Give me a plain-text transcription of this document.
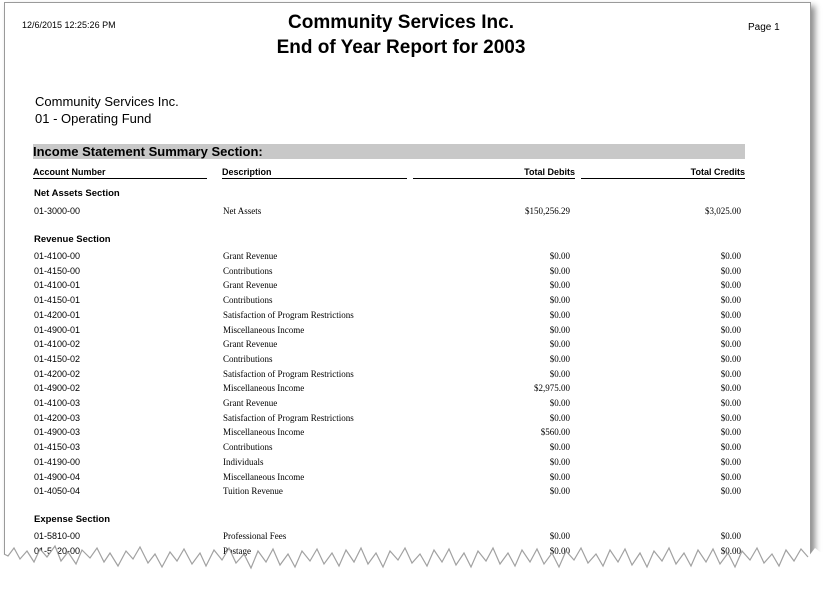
12/6/2015 12:25:26 PM	Community Services Inc.
End of Year Report for 2003
Page 1
Community Services Inc.
01 - Operating Fund
Income Statement Summary Section:
Account Number	Description	Total Debits	Total Credits
Net Assets Section
01-3000-00	Net Assets	$150,256.29	$3,025.00
Revenue Section
01-4100-00	Grant Revenue	$0.00	$0.00
01-4150-00	Contributions	$0.00	$0.00
01-4100-01	Grant Revenue	$0.00	$0.00
01-4150-01	Contributions	$0.00	$0.00
01-4200-01	Satisfaction of Program Restrictions	$0.00	$0.00
01-4900-01	Miscellaneous Income	$0.00	$0.00
01-4100-02	Grant Revenue	$0.00	$0.00
01-4150-02	Contributions	$0.00	$0.00
01-4200-02	Satisfaction of Program Restrictions	$0.00	$0.00
01-4900-02	Miscellaneous Income	$2,975.00	$0.00
01-4100-03	Grant Revenue	$0.00	$0.00
01-4200-03	Satisfaction of Program Restrictions	$0.00	$0.00
01-4900-03	Miscellaneous Income	$560.00	$0.00
01-4150-03	Contributions	$0.00	$0.00
01-4190-00	Individuals	$0.00	$0.00
01-4900-04	Miscellaneous Income	$0.00	$0.00
01-4050-04	Tuition Revenue	$0.00	$0.00
Expense Section
01-5810-00	Professional Fees	$0.00	$0.00
01-5420-00	Postage	$0.00	$0.00
